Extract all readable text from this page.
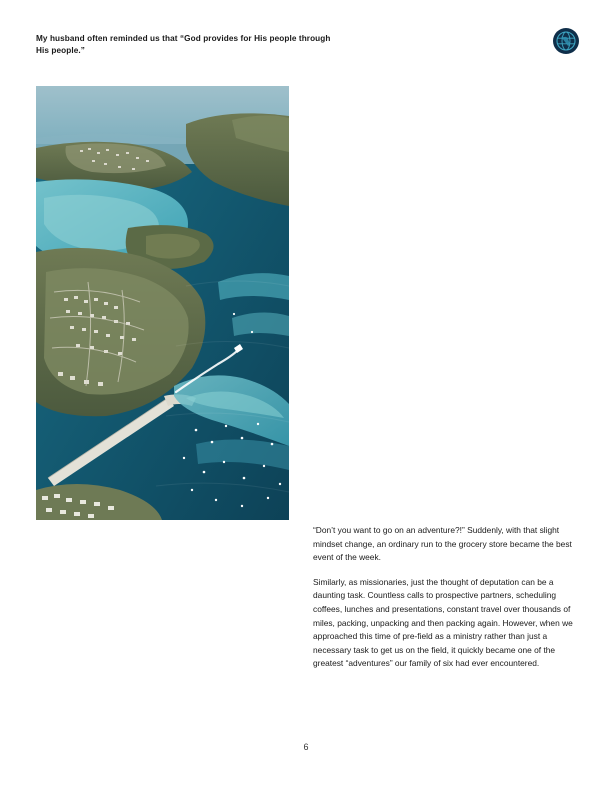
My husband often reminded us that “God provides for His people through His people.”

“Don’t you want to go on an adventure?!” Suddenly, with that slight mindset change, an ordinary run to the grocery store became the best event of the week.

Similarly, as missionaries, just the thought of deputation can be a daunting task. Countless calls to prospective partners, scheduling coffees, lunches and presentations, constant travel over thousands of miles, packing, unpacking and then packing again. However, when we approached this time of pre-field as a ministry rather than just a necessary task to get us on the field, it quickly became one of the greatest “adventures” our family of six had ever encountered.

6
